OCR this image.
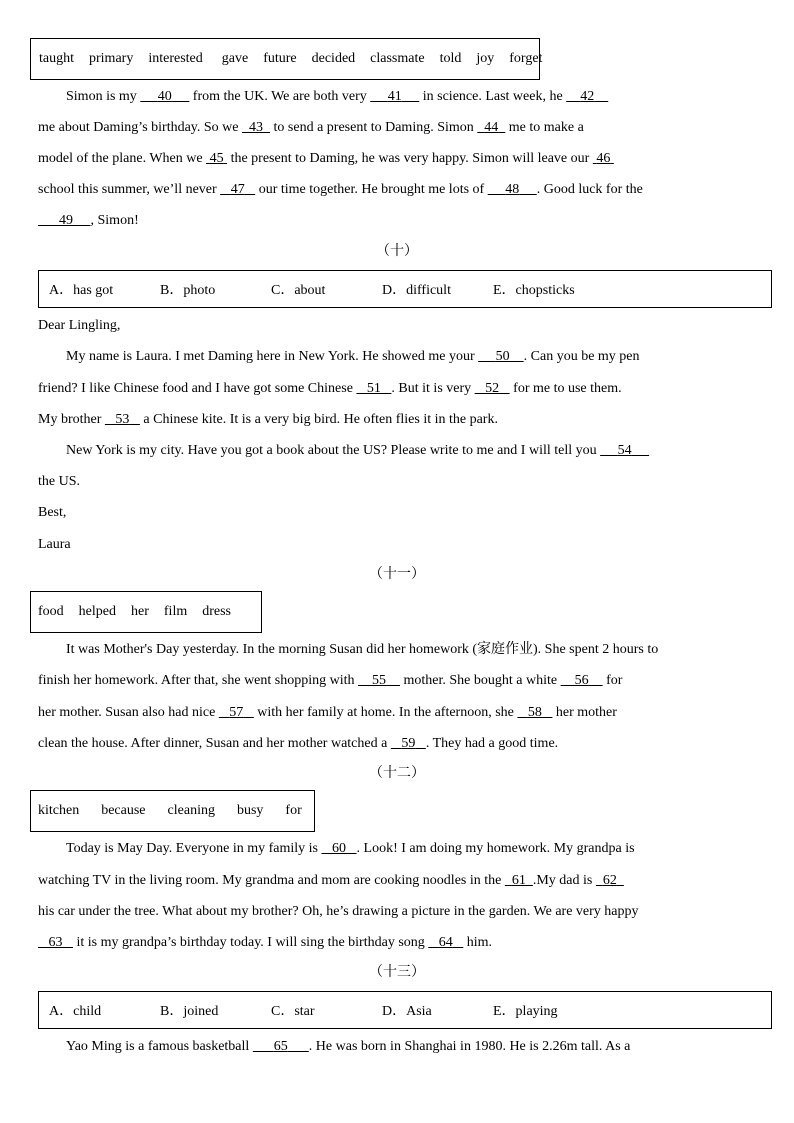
taught primary interested gave future decided classmate told joy forget
Simon is my	40	from the UK. We are both very	41	in science. Last week, he	42
me about Daming’s birthday. So we 43 to send a present to Daming. Simon 44 me to make a
model of the plane. When we 45 the present to Daming, he was very happy. Simon will leave our 46
school this summer, we’ll never 47 our time together. He brought me lots of	48	. Good luck for the
49	, Simon!
（十）
A．has got	B．photo	C．about	D．difficult	E．chopsticks
Dear Lingling,
My name is Laura. I met Daming here in New York. He showed me your	50	. Can you be my pen
friend? I like Chinese food and I have got some Chinese 51 . But it is very 52 for me to use them.
My brother 53 a Chinese kite. It is a very big bird. He often flies it in the park.
New York is my city. Have you got a book about the US? Please write to me and I will tell you	54
the US.
Best,
Laura
（十一）
food helped her film dress
It was Mother's Day yesterday. In the morning Susan did her homework (家庭作业). She spent 2 hours to
finish her homework. After that, she went shopping with	55	mother. She bought a white	56	for
her mother. Susan also had nice 57 with her family at home. In the afternoon, she 58 her mother
clean the house. After dinner, Susan and her mother watched a 59 . They had a good time.
（十二）
kitchen because cleaning busy for
Today is May Day. Everyone in my family is 60 . Look! I am doing my homework. My grandpa is
watching TV in the living room. My grandma and mom are cooking noodles in the 61 .My dad is 62
his car under the tree. What about my brother? Oh, he’s drawing a picture in the garden. We are very happy
63 it is my grandpa’s birthday today. I will sing the birthday song 64 him.
（十三）
A．child	B．joined	C．star	D．Asia	E．playing
Yao Ming is a famous basketball	65	. He was born in Shanghai in 1980. He is 2.26m tall. As a
